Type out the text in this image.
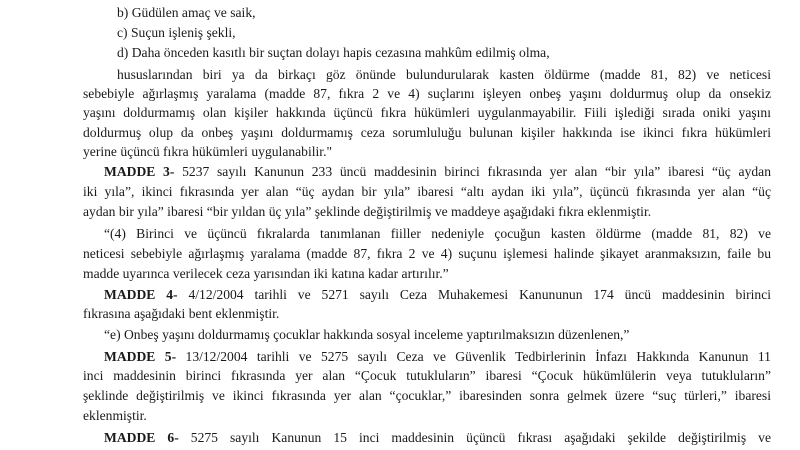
b) Güdülen amaç ve saik,
c) Suçun işleniş şekli,
d) Daha önceden kasıtlı bir suçtan dolayı hapis cezasına mahkûm edilmiş olma,
hususlarından biri ya da birkaçı göz önünde bulundurularak kasten öldürme (madde 81, 82) ve neticesi
sebebiyle ağırlaşmış yaralama (madde 87, fıkra 2 ve 4) suçlarını işleyen onbeş yaşını doldurmuş olup da onsekiz
yaşını doldurmamış olan kişiler hakkında üçüncü fıkra hükümleri uygulanmayabilir. Fiili işlediği sırada oniki yaşını
doldurmuş olup da onbeş yaşını doldurmamış ceza sorumluluğu bulunan kişiler hakkında ise ikinci fıkra hükümleri
yerine üçüncü fıkra hükümleri uygulanabilir."
MADDE 3- 5237 sayılı Kanunun 233 üncü maddesinin birinci fıkrasında yer alan “bir yıla” ibaresi “üç aydan
iki yıla”, ikinci fıkrasında yer alan “üç aydan bir yıla” ibaresi “altı aydan iki yıla”, üçüncü fıkrasında yer alan “üç
aydan bir yıla” ibaresi “bir yıldan üç yıla” şeklinde değiştirilmiş ve maddeye aşağıdaki fıkra eklenmiştir.
“(4) Birinci ve üçüncü fıkralarda tanımlanan fiiller nedeniyle çocuğun kasten öldürme (madde 81, 82) ve
neticesi sebebiyle ağırlaşmış yaralama (madde 87, fıkra 2 ve 4) suçunu işlemesi halinde şikayet aranmaksızın, faile bu
madde uyarınca verilecek ceza yarısından iki katına kadar artırılır.”
MADDE 4- 4/12/2004 tarihli ve 5271 sayılı Ceza Muhakemesi Kanununun 174 üncü maddesinin birinci
fıkrasına aşağıdaki bent eklenmiştir.
“e) Onbeş yaşını doldurmamış çocuklar hakkında sosyal inceleme yaptırılmaksızın düzenlenen,”
MADDE 5- 13/12/2004 tarihli ve 5275 sayılı Ceza ve Güvenlik Tedbirlerinin İnfazı Hakkında Kanunun 11
inci maddesinin birinci fıkrasında yer alan “Çocuk tutukluların” ibaresi “Çocuk hükümlülerin veya tutukluların”
şeklinde değiştirilmiş ve ikinci fıkrasında yer alan “çocuklar,” ibaresinden sonra gelmek üzere “suç türleri,” ibaresi
eklenmiştir.
MADDE 6- 5275 sayılı Kanunun 15 inci maddesinin üçüncü fıkrası aşağıdaki şekilde değiştirilmiş ve
